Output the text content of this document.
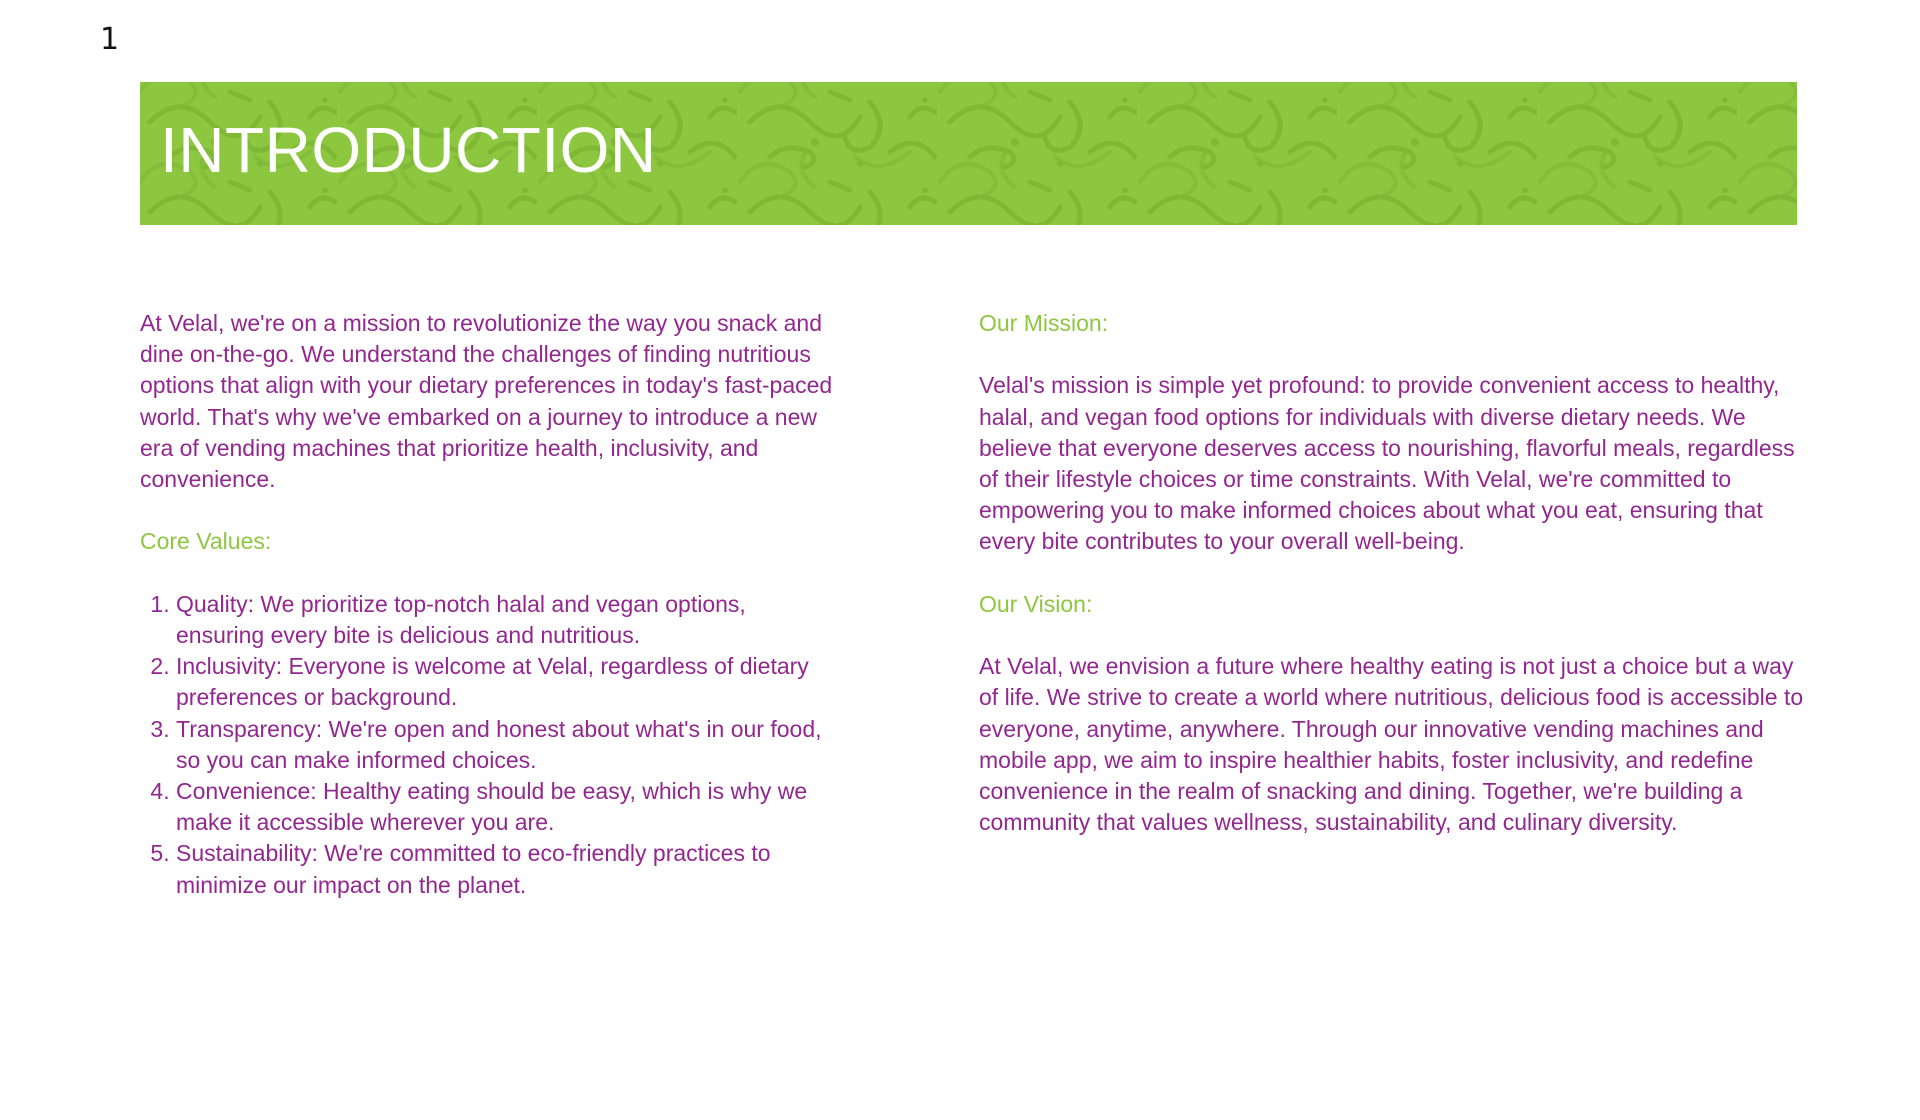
1
INTRODUCTION

At Velal, we're on a mission to revolutionize the way you snack and dine on-the-go. We understand the challenges of finding nutritious options that align with your dietary preferences in today's fast-paced world. That's why we've embarked on a journey to introduce a new era of vending machines that prioritize health, inclusivity, and convenience.

Core Values:
1. Quality: We prioritize top-notch halal and vegan options, ensuring every bite is delicious and nutritious.
2. Inclusivity: Everyone is welcome at Velal, regardless of dietary preferences or background.
3. Transparency: We're open and honest about what's in our food, so you can make informed choices.
4. Convenience: Healthy eating should be easy, which is why we make it accessible wherever you are.
5. Sustainability: We're committed to eco-friendly practices to minimize our impact on the planet.
Our Mission:

Velal's mission is simple yet profound: to provide convenient access to healthy, halal, and vegan food options for individuals with diverse dietary needs. We believe that everyone deserves access to nourishing, flavorful meals, regardless of their lifestyle choices or time constraints. With Velal, we're committed to empowering you to make informed choices about what you eat, ensuring that every bite contributes to your overall well-being.

Our Vision:

At Velal, we envision a future where healthy eating is not just a choice but a way of life. We strive to create a world where nutritious, delicious food is accessible to everyone, anytime, anywhere. Through our innovative vending machines and mobile app, we aim to inspire healthier habits, foster inclusivity, and redefine convenience in the realm of snacking and dining. Together, we're building a community that values wellness, sustainability, and culinary diversity.
